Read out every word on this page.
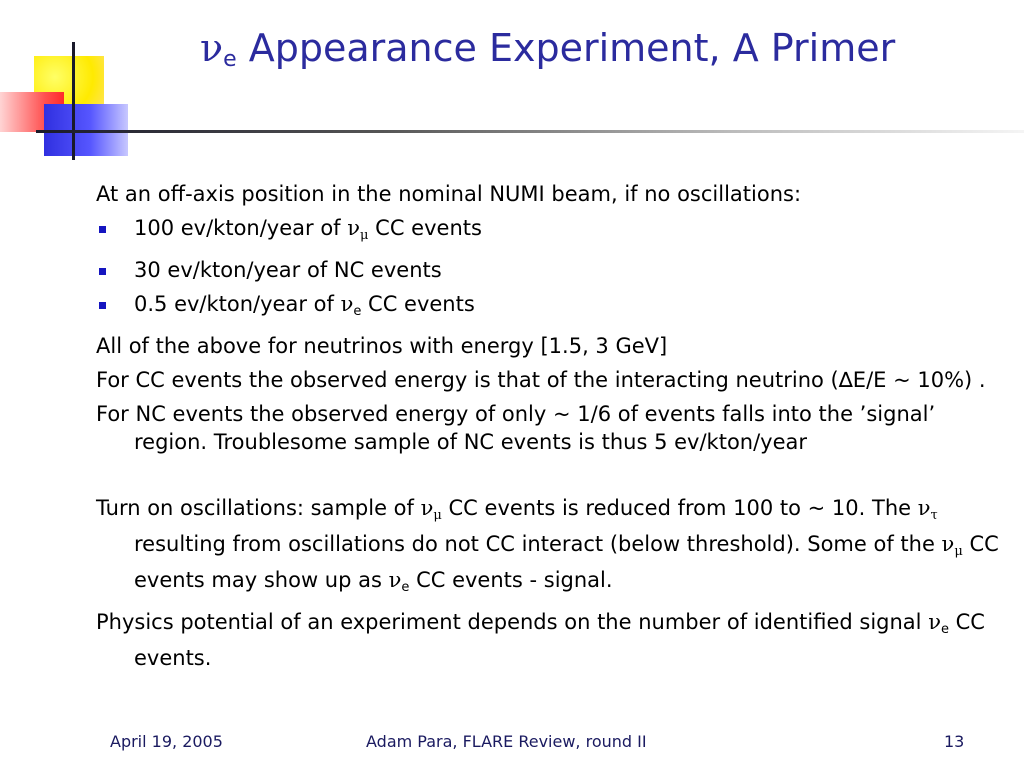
$\nu_e$ Appearance Experiment, A Primer

At an off-axis position in the nominal NUMI beam, if no oscillations:

100 ev/kton/year of $\nu_\mu$ CC events

30 ev/kton/year of NC events

0.5 ev/kton/year of $\nu_e$ CC events

All of the above for neutrinos with energy [1.5, 3 GeV]

For CC events the observed energy is that of the interacting neutrino (∆E/E ~ 10%) .

For NC events the observed energy of only ~ 1/6 of events falls into the ’signal’ region. Troublesome sample of NC events is thus 5 ev/kton/year

Turn on oscillations: sample of $\nu_\mu$ CC events is reduced from 100 to ~ 10. The $\nu_\tau$ resulting from oscillations do not CC interact (below threshold). Some of the $\nu_\mu$ CC events may show up as $\nu_e$ CC events - signal.

Physics potential of an experiment depends on the number of identified signal $\nu_e$ CC events.

April 19, 2005	Adam Para, FLARE Review, round II	13
